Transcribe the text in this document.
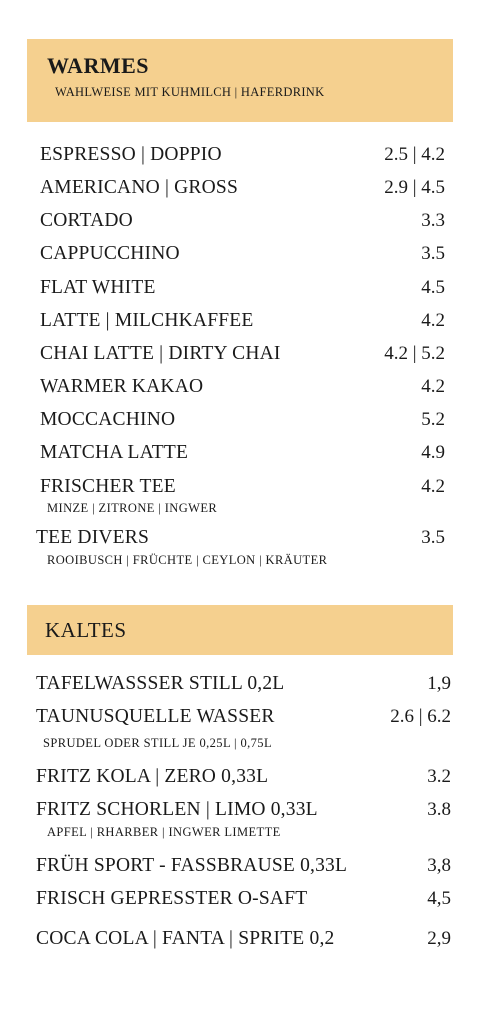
WARMES
WAHLWEISE MIT KUHMILCH | HAFERDRINK
ESPRESSO | DOPPIO	2.5 | 4.2
AMERICANO | GROSS	2.9 | 4.5
CORTADO	3.3
CAPPUCCHINO	3.5
FLAT WHITE	4.5
LATTE | MILCHKAFFEE	4.2
CHAI LATTE | DIRTY CHAI	4.2 | 5.2
WARMER KAKAO	4.2
MOCCACHINO	5.2
MATCHA LATTE	4.9
FRISCHER TEE	4.2
MINZE | ZITRONE | INGWER
TEE DIVERS	3.5
ROOIBUSCH | FRÜCHTE | CEYLON | KRÄUTER
KALTES
TAFELWASSSER STILL 0,2L	1,9
TAUNUSQUELLE WASSER	2.6 | 6.2
SPRUDEL ODER STILL JE 0,25L | 0,75L
FRITZ KOLA | ZERO 0,33L	3.2
FRITZ SCHORLEN | LIMO 0,33L	3.8
APFEL | RHARBER | INGWER LIMETTE
FRÜH SPORT - FASSBRAUSE 0,33L	3,8
FRISCH GEPRESSTER O-SAFT	4,5
COCA COLA | FANTA | SPRITE 0,2	2,9
